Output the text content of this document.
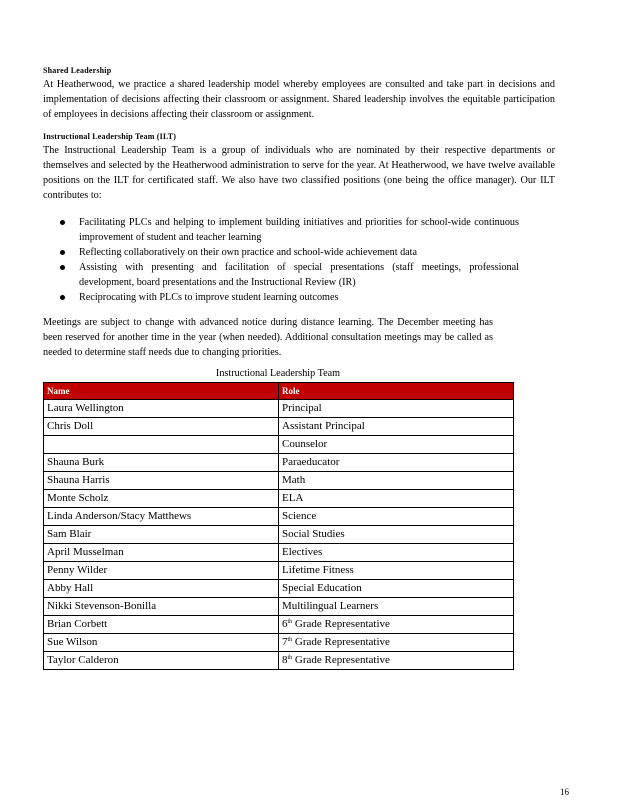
Shared Leadership

At Heatherwood, we practice a shared leadership model whereby employees are consulted and take part in decisions and implementation of decisions affecting their classroom or assignment. Shared leadership involves the equitable participation of employees in decisions affecting their classroom or assignment.

Instructional Leadership Team (ILT)

The Instructional Leadership Team is a group of individuals who are nominated by their respective departments or themselves and selected by the Heatherwood administration to serve for the year. At Heatherwood, we have twelve available positions on the ILT for certificated staff. We also have two classified positions (one being the office manager). Our ILT contributes to:

Facilitating PLCs and helping to implement building initiatives and priorities for school-wide continuous improvement of student and teacher learning
Reflecting collaboratively on their own practice and school-wide achievement data
Assisting with presenting and facilitation of special presentations (staff meetings, professional development, board presentations and the Instructional Review (IR)
Reciprocating with PLCs to improve student learning outcomes

Meetings are subject to change with advanced notice during distance learning. The December meeting has been reserved for another time in the year (when needed). Additional consultation meetings may be called as needed to determine staff needs due to changing priorities.

Instructional Leadership Team
Name	Role
Laura Wellington	Principal
Chris Doll	Assistant Principal
	Counselor
Shauna Burk	Paraeducator
Shauna Harris	Math
Monte Scholz	ELA
Linda Anderson/Stacy Matthews	Science
Sam Blair	Social Studies
April Musselman	Electives
Penny Wilder	Lifetime Fitness
Abby Hall	Special Education
Nikki Stevenson-Bonilla	Multilingual Learners
Brian Corbett	6th Grade Representative
Sue Wilson	7th Grade Representative
Taylor Calderon	8th Grade Representative
16
